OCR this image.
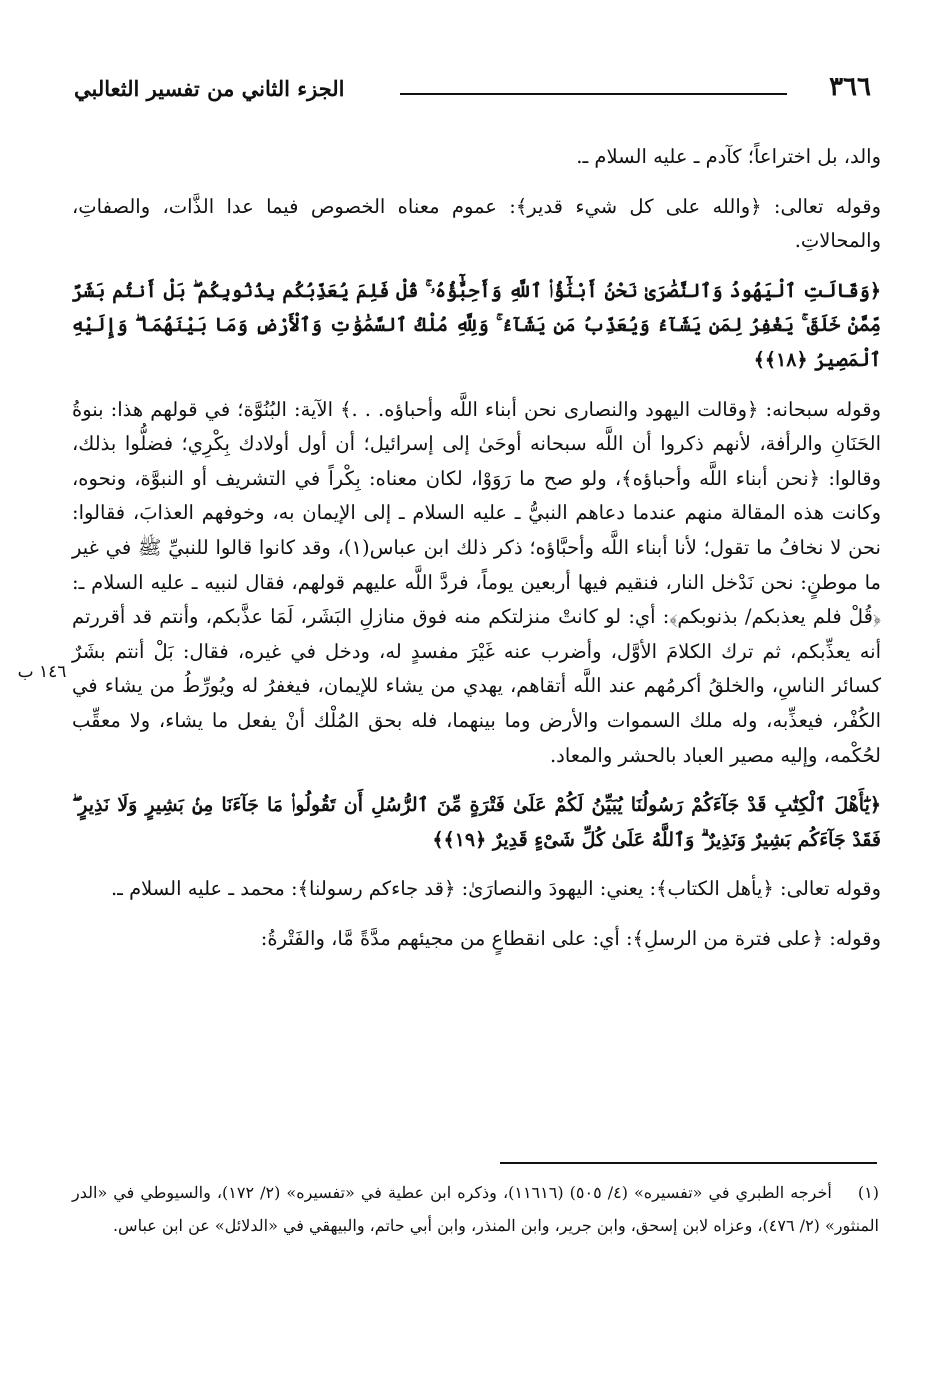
٣٦٦
الجزء الثاني من تفسير الثعالبي

والد، بل اختراعاً؛ كآدم ـ عليه السلام ـ.

وقوله تعالى: ﴿والله على كل شيء قدير﴾: عموم معناه الخصوص فيما عدا الذَّات، والصفاتِ، والمحالاتِ.

﴿وَقَالَتِ ٱلْيَهُودُ وَٱلنَّصَٰرَىٰ نَحْنُ أَبْنَٰٓؤُا۟ ٱللَّهِ وَأَحِبَّٰٓؤُهُۥ ۚ قُلْ فَلِمَ يُعَذِّبُكُم بِذُنُوبِكُم ۖ بَلْ أَنتُم بَشَرٌ مِّمَّنْ خَلَقَ ۚ يَغْفِرُ لِمَن يَشَآءُ وَيُعَذِّبُ مَن يَشَآءُ ۚ وَلِلَّهِ مُلْكُ ٱلسَّمَٰوَٰتِ وَٱلْأَرْضِ وَمَا بَيْنَهُمَا ۖ وَإِلَيْهِ ٱلْمَصِيرُ ﴿١٨﴾﴾

وقوله سبحانه: ﴿وقالت اليهود والنصارى نحن أبناء اللَّه وأحباؤه. . .﴾ الآية: البُنُوَّة؛ في قولهم هذا: بنوةُ الحَنَانِ والرأفة، لأنهم ذكروا أن اللَّه سبحانه أوحَىٰ إلى إسرائيل؛ أن أول أولادك بِكْرِي؛ فضلُّوا بذلك، وقالوا: ﴿نحن أبناء اللَّه وأحباؤه﴾، ولو صح ما رَوَوْا، لكان معناه: بِكْراً في التشريف أو النبوَّة، ونحوه، وكانت هذه المقالة منهم عندما دعاهم النبيُّ ـ عليه السلام ـ إلى الإيمان به، وخوفهم العذابَ، فقالوا: نحن لا نخافُ ما تقول؛ لأنا أبناء اللَّه وأحبَّاؤه؛ ذكر ذلك ابن عباس(١)، وقد كانوا قالوا للنبيِّ ﷺ في غير ما موطنٍ: نحن نَدْخل النار، فنقيم فيها أربعين يوماً، فردَّ اللَّه عليهم قولهم، فقال لنبيه ـ عليه السلام ـ: ﴿قُلْ فلم يعذبكم/ بذنوبكم﴾: أي: لو كانتْ منزلتكم منه فوق منازلِ البَشَر، لَمَا عذَّبكم، وأنتم قد أقررتم أنه يعذِّبكم، ثم ترك الكلامَ الأوَّل، وأضرب عنه غَيْرَ مفسدٍ له، ودخل في غيره، فقال: بَلْ أنتم بشَرٌ كسائر الناسِ، والخلقُ أكرمُهم عند اللَّه أتقاهم، يهدي من يشاء للإيمان، فيغفرُ له ويُورِّطُ من يشاء في الكُفْر، فيعذِّبه، وله ملك السموات والأرض وما بينهما، فله بحق المُلْك أنْ يفعل ما يشاء، ولا معقِّب لحُكْمه، وإليه مصير العباد بالحشر والمعاد.

﴿يَٰٓأَهْلَ ٱلْكِتَٰبِ قَدْ جَآءَكُمْ رَسُولُنَا يُبَيِّنُ لَكُمْ عَلَىٰ فَتْرَةٍ مِّنَ ٱلرُّسُلِ أَن تَقُولُوا۟ مَا جَآءَنَا مِنۢ بَشِيرٍ وَلَا نَذِيرٍ ۖ فَقَدْ جَآءَكُم بَشِيرٌ وَنَذِيرٌ ۗ وَٱللَّهُ عَلَىٰ كُلِّ شَىْءٍ قَدِيرٌ ﴿١٩﴾﴾

وقوله تعالى: ﴿يأهل الكتاب﴾: يعني: اليهودَ والنصارَىٰ: ﴿قد جاءكم رسولنا﴾: محمد ـ عليه السلام ـ.

وقوله: ﴿على فترة من الرسلِ﴾: أي: على انقطاعٍ من مجيئهم مدَّةً مَّا، والفَتْرةُ:

١٤٦ ب
(١) أخرجه الطبري في «تفسيره» (٤/ ٥٠٥) (١١٦١٦)، وذكره ابن عطية في «تفسيره» (٢/ ١٧٢)، والسيوطي في «الدر المنثور» (٢/ ٤٧٦)، وعزاه لابن إسحق، وابن جرير، وابن المنذر، وابن أبي حاتم، والبيهقي في «الدلائل» عن ابن عباس.
